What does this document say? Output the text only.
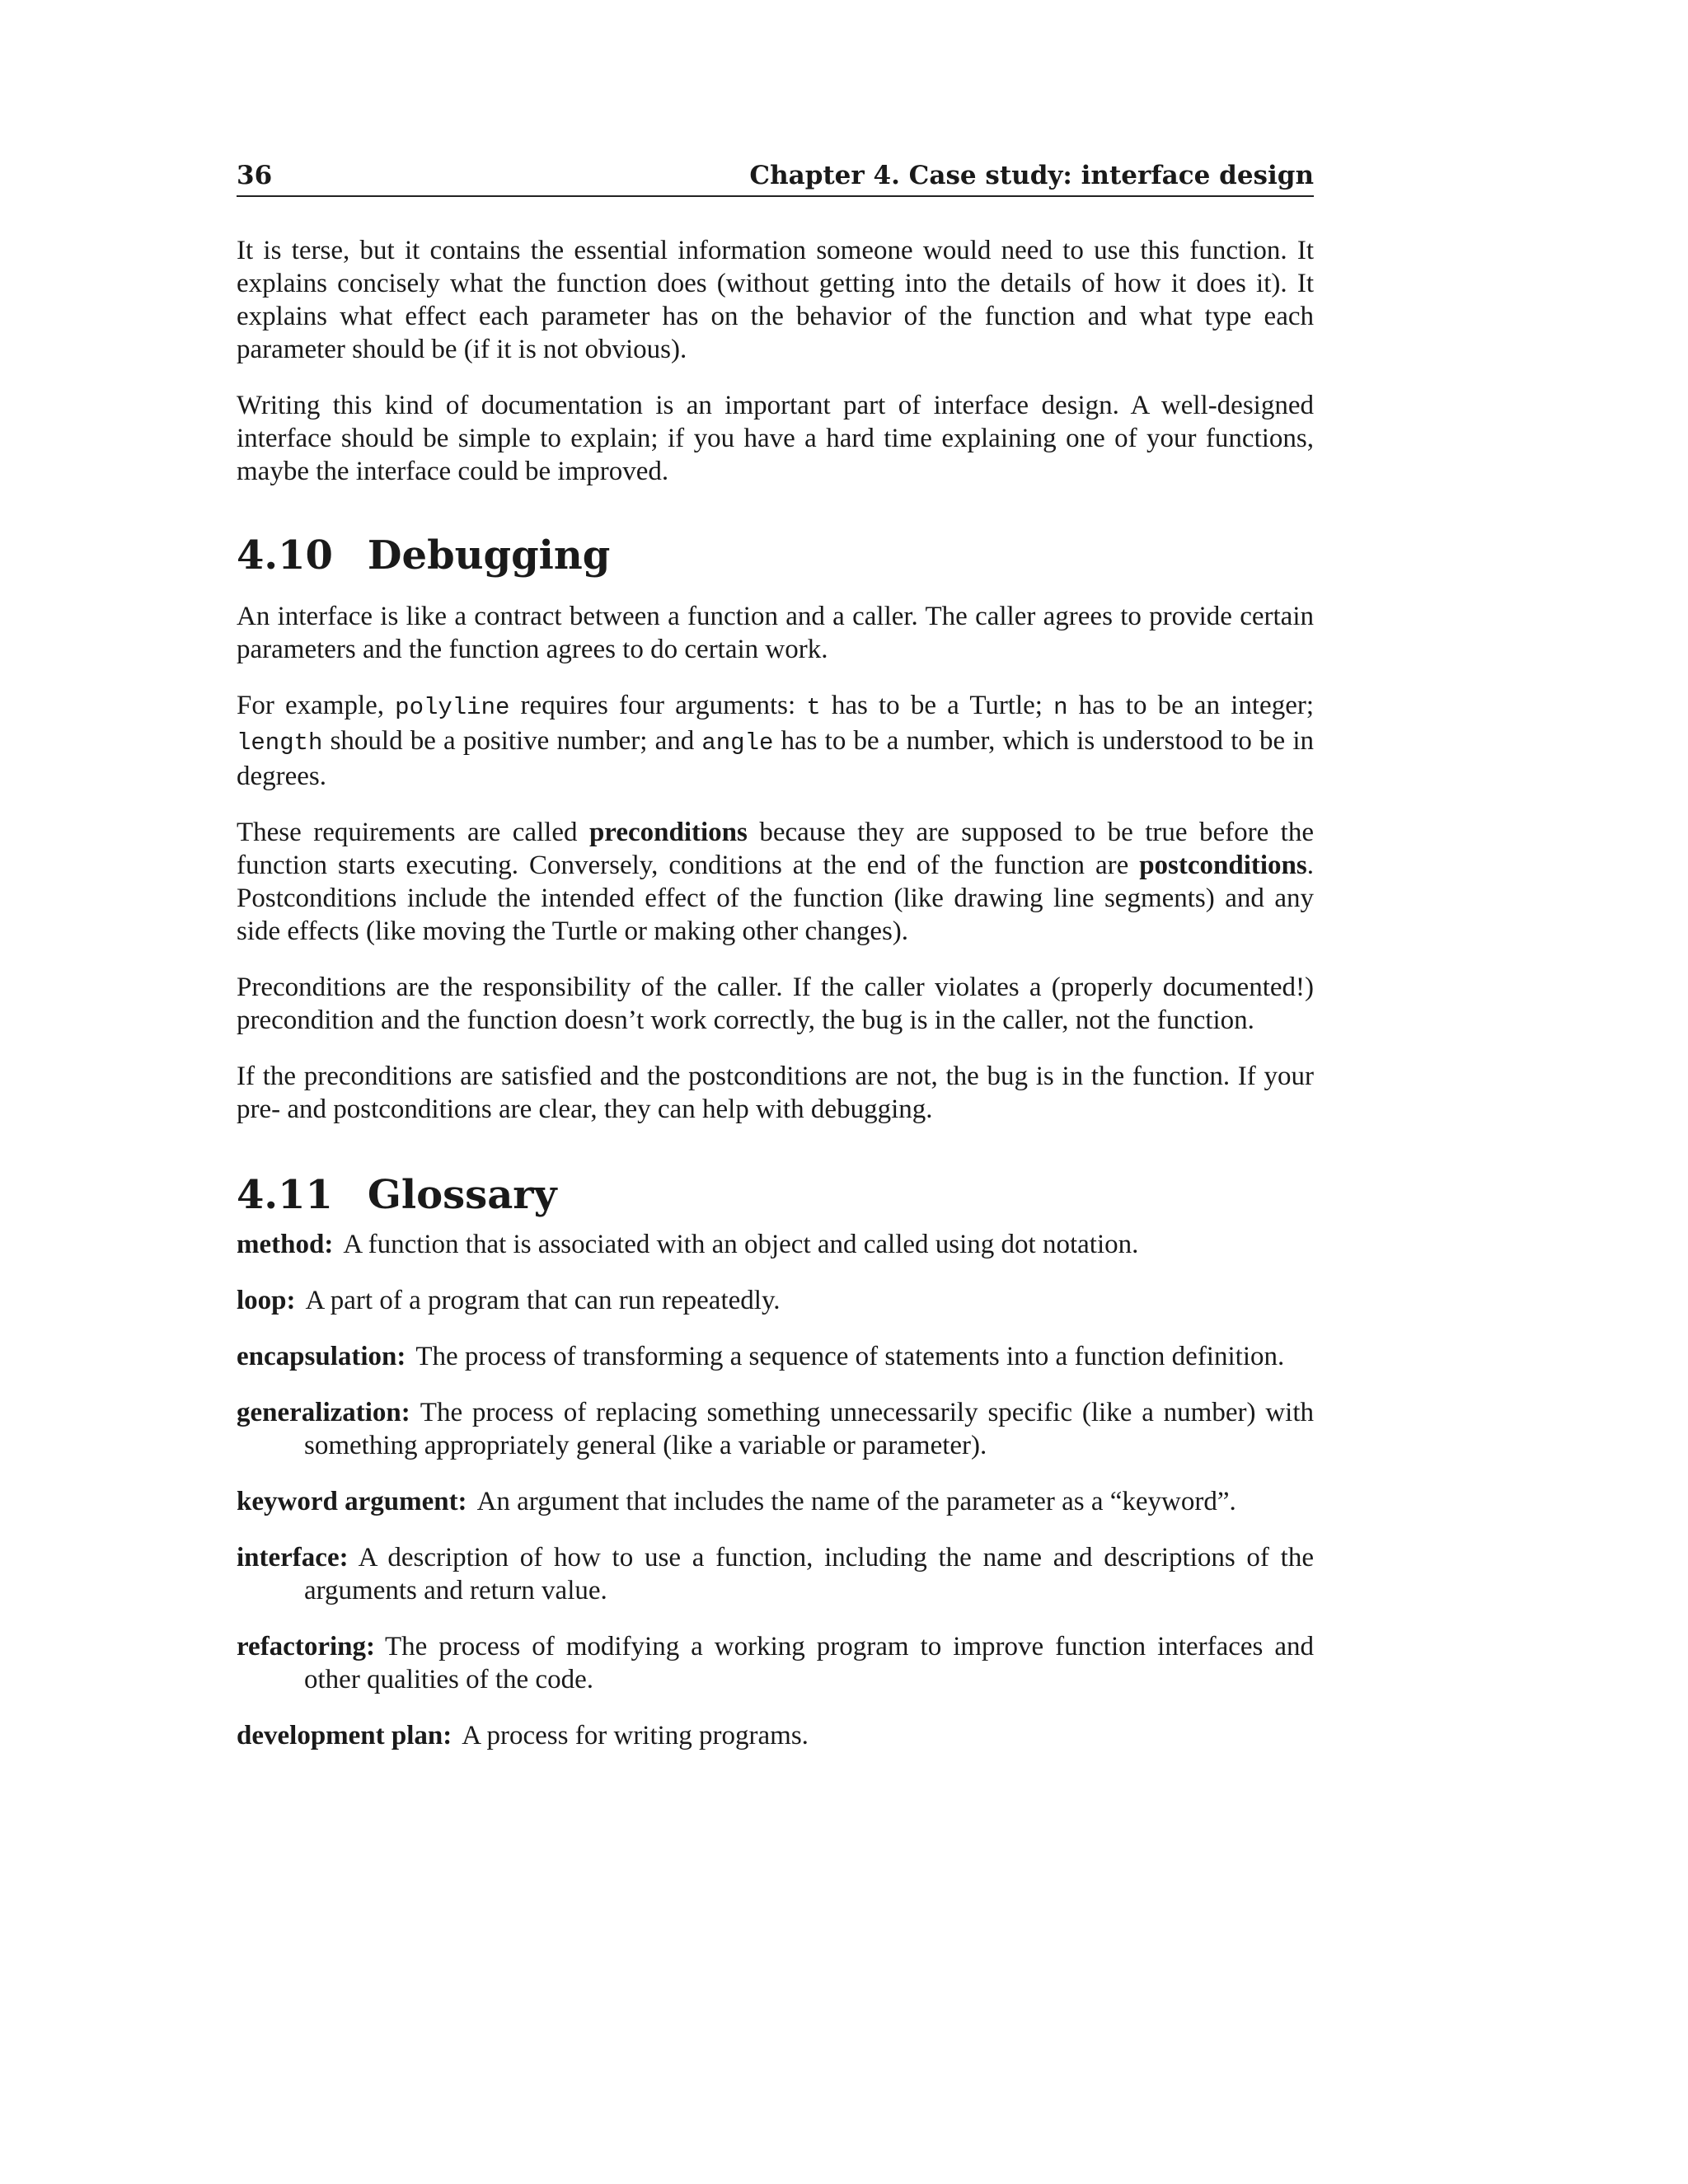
36	Chapter 4. Case study: interface design

It is terse, but it contains the essential information someone would need to use this function. It explains concisely what the function does (without getting into the details of how it does it). It explains what effect each parameter has on the behavior of the function and what type each parameter should be (if it is not obvious).

Writing this kind of documentation is an important part of interface design. A well-designed interface should be simple to explain; if you have a hard time explaining one of your functions, maybe the interface could be improved.

4.10 Debugging

An interface is like a contract between a function and a caller. The caller agrees to provide certain parameters and the function agrees to do certain work.

For example, polyline requires four arguments: t has to be a Turtle; n has to be an integer; length should be a positive number; and angle has to be a number, which is understood to be in degrees.

These requirements are called preconditions because they are supposed to be true before the function starts executing. Conversely, conditions at the end of the function are postconditions. Postconditions include the intended effect of the function (like drawing line segments) and any side effects (like moving the Turtle or making other changes).

Preconditions are the responsibility of the caller. If the caller violates a (properly documented!) precondition and the function doesn’t work correctly, the bug is in the caller, not the function.

If the preconditions are satisfied and the postconditions are not, the bug is in the function. If your pre- and postconditions are clear, they can help with debugging.

4.11 Glossary

method: A function that is associated with an object and called using dot notation.

loop: A part of a program that can run repeatedly.

encapsulation: The process of transforming a sequence of statements into a function definition.

generalization: The process of replacing something unnecessarily specific (like a number) with something appropriately general (like a variable or parameter).

keyword argument: An argument that includes the name of the parameter as a “keyword”.

interface: A description of how to use a function, including the name and descriptions of the arguments and return value.

refactoring: The process of modifying a working program to improve function interfaces and other qualities of the code.

development plan: A process for writing programs.
